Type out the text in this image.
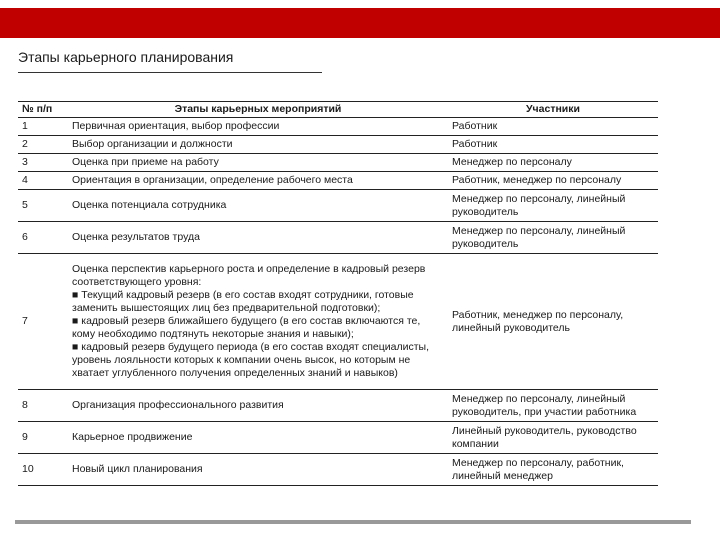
Этапы карьерного планирования
№ п/п	Этапы карьерных мероприятий	Участники
1	Первичная ориентация, выбор профессии	Работник
2	Выбор организации и должности	Работник
3	Оценка при приеме на работу	Менеджер по персоналу
4	Ориентация в организации, определение рабочего места	Работник, менеджер по персоналу
5	Оценка потенциала сотрудника	Менеджер по персоналу, линейный руководитель
6	Оценка результатов труда	Менеджер по персоналу, линейный руководитель
7	Оценка перспектив карьерного роста и определение в кадровый резерв соответствующего уровня:
■ Текущий кадровый резерв (в его состав входят сотрудники, готовые заменить вышестоящих лиц без предварительной подготовки);
■ кадровый резерв ближайшего будущего (в его состав включаются те, кому необходимо подтянуть некоторые знания и навыки);
■ кадровый резерв будущего периода (в его состав входят специалисты, уровень лояльности которых к компании очень высок, но которым не хватает углубленного получения определенных знаний и навыков)	Работник, менеджер по персоналу, линейный руководитель
8	Организация профессионального развития	Менеджер по персоналу, линейный руководитель, при участии работника
9	Карьерное продвижение	Линейный руководитель, руководство компании
10	Новый цикл планирования	Менеджер по персоналу, работник, линейный менеджер
